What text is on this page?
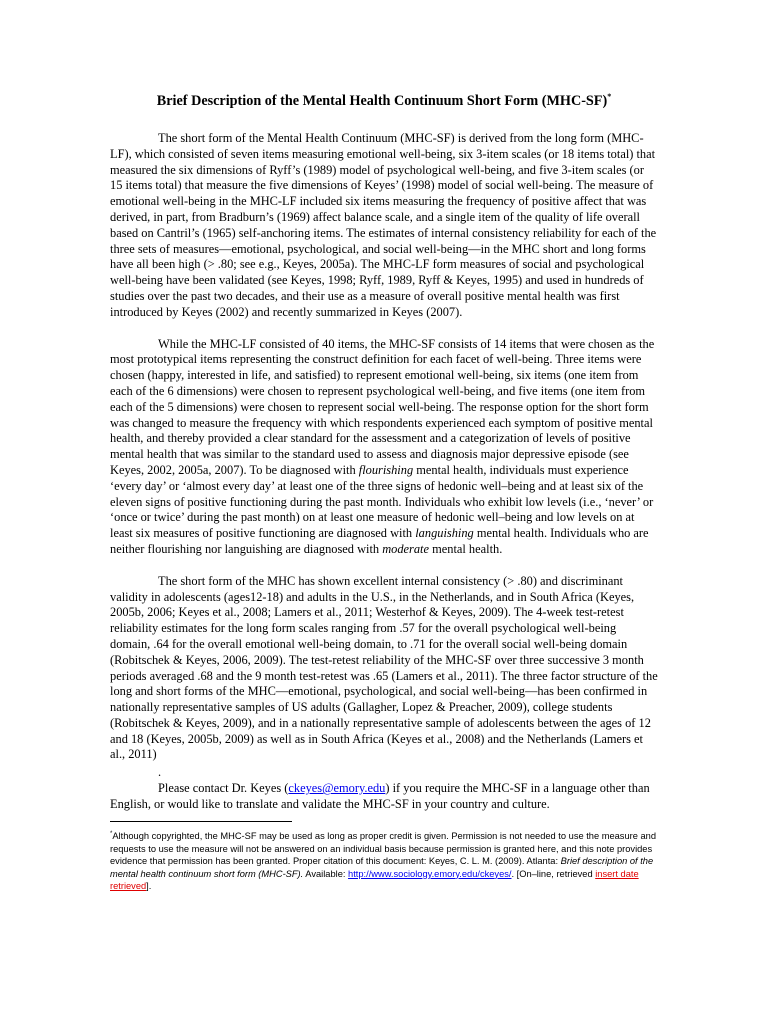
Brief Description of the Mental Health Continuum Short Form (MHC-SF)*

The short form of the Mental Health Continuum (MHC-SF) is derived from the long form (MHC-LF), which consisted of seven items measuring emotional well-being, six 3-item scales (or 18 items total) that measured the six dimensions of Ryff’s (1989) model of psychological well-being, and five 3-item scales (or 15 items total) that measure the five dimensions of Keyes’ (1998) model of social well-being. The measure of emotional well-being in the MHC-LF included six items measuring the frequency of positive affect that was derived, in part, from Bradburn’s (1969) affect balance scale, and a single item of the quality of life overall based on Cantril’s (1965) self-anchoring items. The estimates of internal consistency reliability for each of the three sets of measures—emotional, psychological, and social well-being—in the MHC short and long forms have all been high (> .80; see e.g., Keyes, 2005a). The MHC-LF form measures of social and psychological well-being have been validated (see Keyes, 1998; Ryff, 1989, Ryff & Keyes, 1995) and used in hundreds of studies over the past two decades, and their use as a measure of overall positive mental health was first introduced by Keyes (2002) and recently summarized in Keyes (2007).

While the MHC-LF consisted of 40 items, the MHC-SF consists of 14 items that were chosen as the most prototypical items representing the construct definition for each facet of well-being. Three items were chosen (happy, interested in life, and satisfied) to represent emotional well-being, six items (one item from each of the 6 dimensions) were chosen to represent psychological well-being, and five items (one item from each of the 5 dimensions) were chosen to represent social well-being. The response option for the short form was changed to measure the frequency with which respondents experienced each symptom of positive mental health, and thereby provided a clear standard for the assessment and a categorization of levels of positive mental health that was similar to the standard used to assess and diagnosis major depressive episode (see Keyes, 2002, 2005a, 2007). To be diagnosed with flourishing mental health, individuals must experience ‘every day’ or ‘almost every day’ at least one of the three signs of hedonic well–being and at least six of the eleven signs of positive functioning during the past month. Individuals who exhibit low levels (i.e., ‘never’ or ‘once or twice’ during the past month) on at least one measure of hedonic well–being and low levels on at least six measures of positive functioning are diagnosed with languishing mental health. Individuals who are neither flourishing nor languishing are diagnosed with moderate mental health.

The short form of the MHC has shown excellent internal consistency (> .80) and discriminant validity in adolescents (ages12-18) and adults in the U.S., in the Netherlands, and in South Africa (Keyes, 2005b, 2006; Keyes et al., 2008; Lamers et al., 2011; Westerhof & Keyes, 2009). The 4-week test-retest reliability estimates for the long form scales ranging from .57 for the overall psychological well-being domain, .64 for the overall emotional well-being domain, to .71 for the overall social well-being domain (Robitschek & Keyes, 2006, 2009). The test-retest reliability of the MHC-SF over three successive 3 month periods averaged .68 and the 9 month test-retest was .65 (Lamers et al., 2011). The three factor structure of the long and short forms of the MHC—emotional, psychological, and social well-being—has been confirmed in nationally representative samples of US adults (Gallagher, Lopez & Preacher, 2009), college students (Robitschek & Keyes, 2009), and in a nationally representative sample of adolescents between the ages of 12 and 18 (Keyes, 2005b, 2009) as well as in South Africa (Keyes et al., 2008) and the Netherlands (Lamers et al., 2011)

.

Please contact Dr. Keyes (ckeyes@emory.edu) if you require the MHC-SF in a language other than English, or would like to translate and validate the MHC-SF in your country and culture.

*Although copyrighted, the MHC-SF may be used as long as proper credit is given. Permission is not needed to use the measure and requests to use the measure will not be answered on an individual basis because permission is granted here, and this note provides evidence that permission has been granted. Proper citation of this document: Keyes, C. L. M. (2009). Atlanta: Brief description of the mental health continuum short form (MHC-SF). Available: http://www.sociology.emory.edu/ckeyes/. [On–line, retrieved insert date retrieved].
